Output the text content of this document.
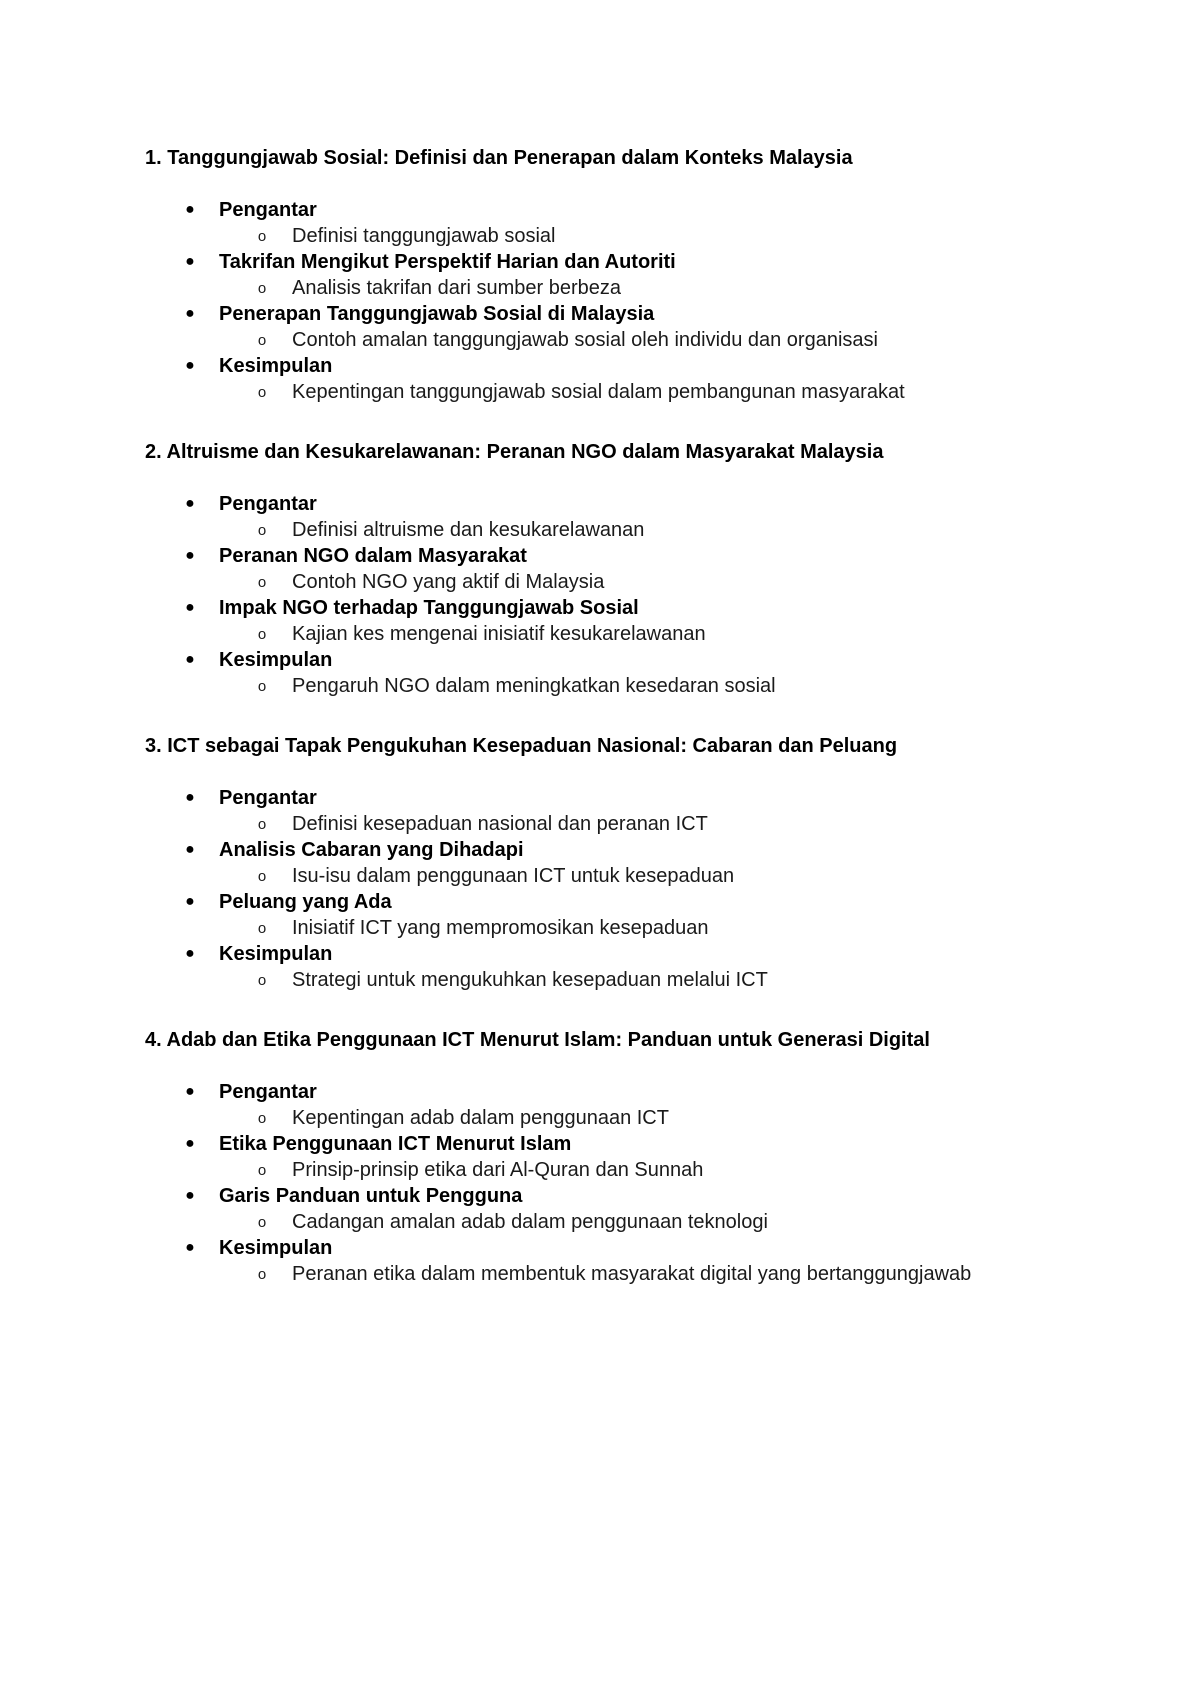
1. Tanggungjawab Sosial: Definisi dan Penerapan dalam Konteks Malaysia
● Pengantar
o Definisi tanggungjawab sosial
● Takrifan Mengikut Perspektif Harian dan Autoriti
o Analisis takrifan dari sumber berbeza
● Penerapan Tanggungjawab Sosial di Malaysia
o Contoh amalan tanggungjawab sosial oleh individu dan organisasi
● Kesimpulan
o Kepentingan tanggungjawab sosial dalam pembangunan masyarakat
2. Altruisme dan Kesukarelawanan: Peranan NGO dalam Masyarakat Malaysia
● Pengantar
o Definisi altruisme dan kesukarelawanan
● Peranan NGO dalam Masyarakat
o Contoh NGO yang aktif di Malaysia
● Impak NGO terhadap Tanggungjawab Sosial
o Kajian kes mengenai inisiatif kesukarelawanan
● Kesimpulan
o Pengaruh NGO dalam meningkatkan kesedaran sosial
3. ICT sebagai Tapak Pengukuhan Kesepaduan Nasional: Cabaran dan Peluang
● Pengantar
o Definisi kesepaduan nasional dan peranan ICT
● Analisis Cabaran yang Dihadapi
o Isu-isu dalam penggunaan ICT untuk kesepaduan
● Peluang yang Ada
o Inisiatif ICT yang mempromosikan kesepaduan
● Kesimpulan
o Strategi untuk mengukuhkan kesepaduan melalui ICT
4. Adab dan Etika Penggunaan ICT Menurut Islam: Panduan untuk Generasi Digital
● Pengantar
o Kepentingan adab dalam penggunaan ICT
● Etika Penggunaan ICT Menurut Islam
o Prinsip-prinsip etika dari Al-Quran dan Sunnah
● Garis Panduan untuk Pengguna
o Cadangan amalan adab dalam penggunaan teknologi
● Kesimpulan
o Peranan etika dalam membentuk masyarakat digital yang bertanggungjawab
